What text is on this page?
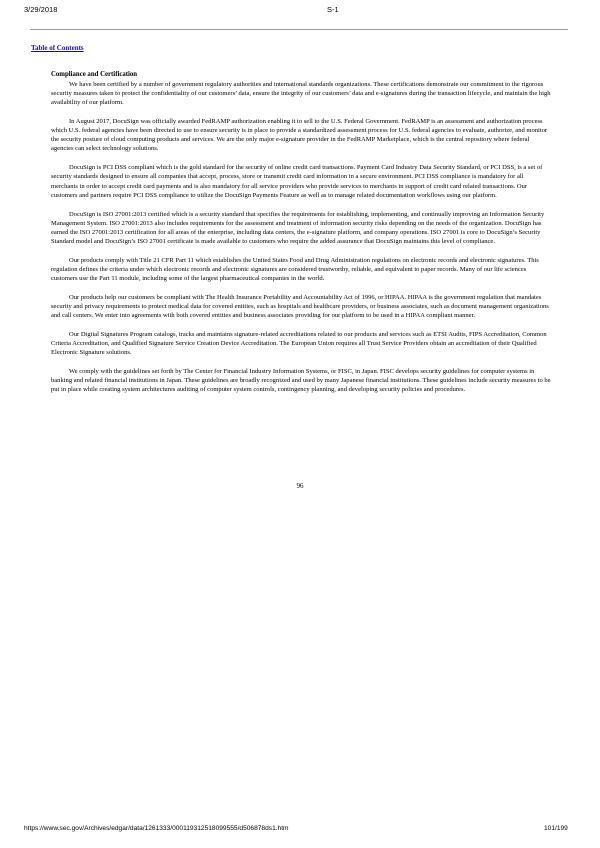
3/29/2018	S-1
Table of Contents
Compliance and Certification

We have been certified by a number of government regulatory authorities and international standards organizations. These certifications demonstrate our commitment to the rigorous security measures taken to protect the confidentiality of our customers’ data, ensure the integrity of our customers’ data and e-signatures during the transaction lifecycle, and maintain the high availability of our platform.

In August 2017, DocuSign was officially awarded FedRAMP authorization enabling it to sell to the U.S. Federal Government. FedRAMP is an assessment and authorization process which U.S. federal agencies have been directed to use to ensure security is in place to provide a standardized assessment process for U.S. federal agencies to evaluate, authorize, and monitor the security posture of cloud computing products and services. We are the only major e-signature provider in the FedRAMP Marketplace, which is the central repository where federal agencies can select technology solutions.

DocuSign is PCI DSS compliant which is the gold standard for the security of online credit card transactions. Payment Card Industry Data Security Standard, or PCI DSS, is a set of security standards designed to ensure all companies that accept, process, store or transmit credit card information in a secure environment. PCI DSS compliance is mandatory for all merchants in order to accept credit card payments and is also mandatory for all service providers who provide services to merchants in support of credit card related transactions. Our customers and partners require PCI DSS compliance to utilize the DocuSign Payments Feature as well as to manage related documentation workflows using our platform.

DocuSign is ISO 27001:2013 certified which is a security standard that specifies the requirements for establishing, implementing, and continually improving an Information Security Management System. ISO 27001:2013 also includes requirements for the assessment and treatment of information security risks depending on the needs of the organization. DocuSign has earned the ISO 27001:2013 certification for all areas of the enterprise, including data centers, the e-signature platform, and company operations. ISO 27001 is core to DocuSign’s Security Standard model and DocuSign’s ISO 27001 certificate is made available to customers who require the added assurance that DocuSign maintains this level of compliance.

Our products comply with Title 21 CFR Part 11 which establishes the United States Food and Drug Administration regulations on electronic records and electronic signatures. This regulation defines the criteria under which electronic records and electronic signatures are considered trustworthy, reliable, and equivalent to paper records. Many of our life sciences customers use the Part 11 module, including some of the largest pharmaceutical companies in the world.

Our products help our customers be compliant with The Health Insurance Portability and Accountability Act of 1996, or HIPAA. HIPAA is the government regulation that mandates security and privacy requirements to protect medical data for covered entities, such as hospitals and healthcare providers, or business associates, such as document management organizations and call centers. We enter into agreements with both covered entities and business associates providing for our platform to be used in a HIPAA compliant manner.

Our Digital Signatures Program catalogs, tracks and maintains signature-related accreditations related to our products and services such as ETSI Audits, FIPS Accreditation, Common Criteria Accreditation, and Qualified Signature Service Creation Device Accreditation. The European Union requires all Trust Service Providers obtain an accreditation of their Qualified Electronic Signature solutions.

We comply with the guidelines set forth by The Center for Financial Industry Information Systems, or FISC, in Japan. FISC develops security guidelines for computer systems in banking and related financial institutions in Japan. These guidelines are broadly recognized and used by many Japanese financial institutions. These guidelines include security measures to be put in place while creating system architectures auditing of computer system controls, contingency planning, and developing security policies and procedures.

96
https://www.sec.gov/Archives/edgar/data/1261333/000119312518099555/d506878ds1.htm	101/199
